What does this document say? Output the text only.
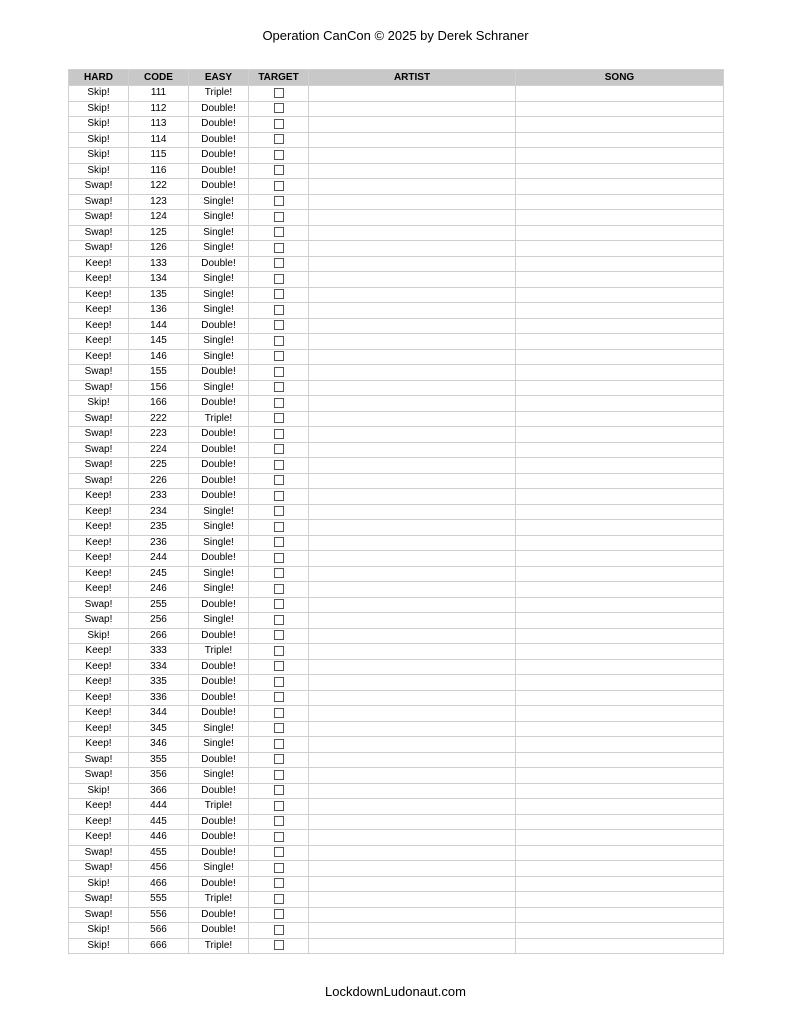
Operation CanCon © 2025 by Derek Schraner
HARD	CODE	EASY	TARGET	ARTIST	SONG
Skip!	111	Triple!			
Skip!	112	Double!			
Skip!	113	Double!			
Skip!	114	Double!			
Skip!	115	Double!			
Skip!	116	Double!			
Swap!	122	Double!			
Swap!	123	Single!			
Swap!	124	Single!			
Swap!	125	Single!			
Swap!	126	Single!			
Keep!	133	Double!			
Keep!	134	Single!			
Keep!	135	Single!			
Keep!	136	Single!			
Keep!	144	Double!			
Keep!	145	Single!			
Keep!	146	Single!			
Swap!	155	Double!			
Swap!	156	Single!			
Skip!	166	Double!			
Swap!	222	Triple!			
Swap!	223	Double!			
Swap!	224	Double!			
Swap!	225	Double!			
Swap!	226	Double!			
Keep!	233	Double!			
Keep!	234	Single!			
Keep!	235	Single!			
Keep!	236	Single!			
Keep!	244	Double!			
Keep!	245	Single!			
Keep!	246	Single!			
Swap!	255	Double!			
Swap!	256	Single!			
Skip!	266	Double!			
Keep!	333	Triple!			
Keep!	334	Double!			
Keep!	335	Double!			
Keep!	336	Double!			
Keep!	344	Double!			
Keep!	345	Single!			
Keep!	346	Single!			
Swap!	355	Double!			
Swap!	356	Single!			
Skip!	366	Double!			
Keep!	444	Triple!			
Keep!	445	Double!			
Keep!	446	Double!			
Swap!	455	Double!			
Swap!	456	Single!			
Skip!	466	Double!			
Swap!	555	Triple!			
Swap!	556	Double!			
Skip!	566	Double!			
Skip!	666	Triple!			
LockdownLudonaut.com
